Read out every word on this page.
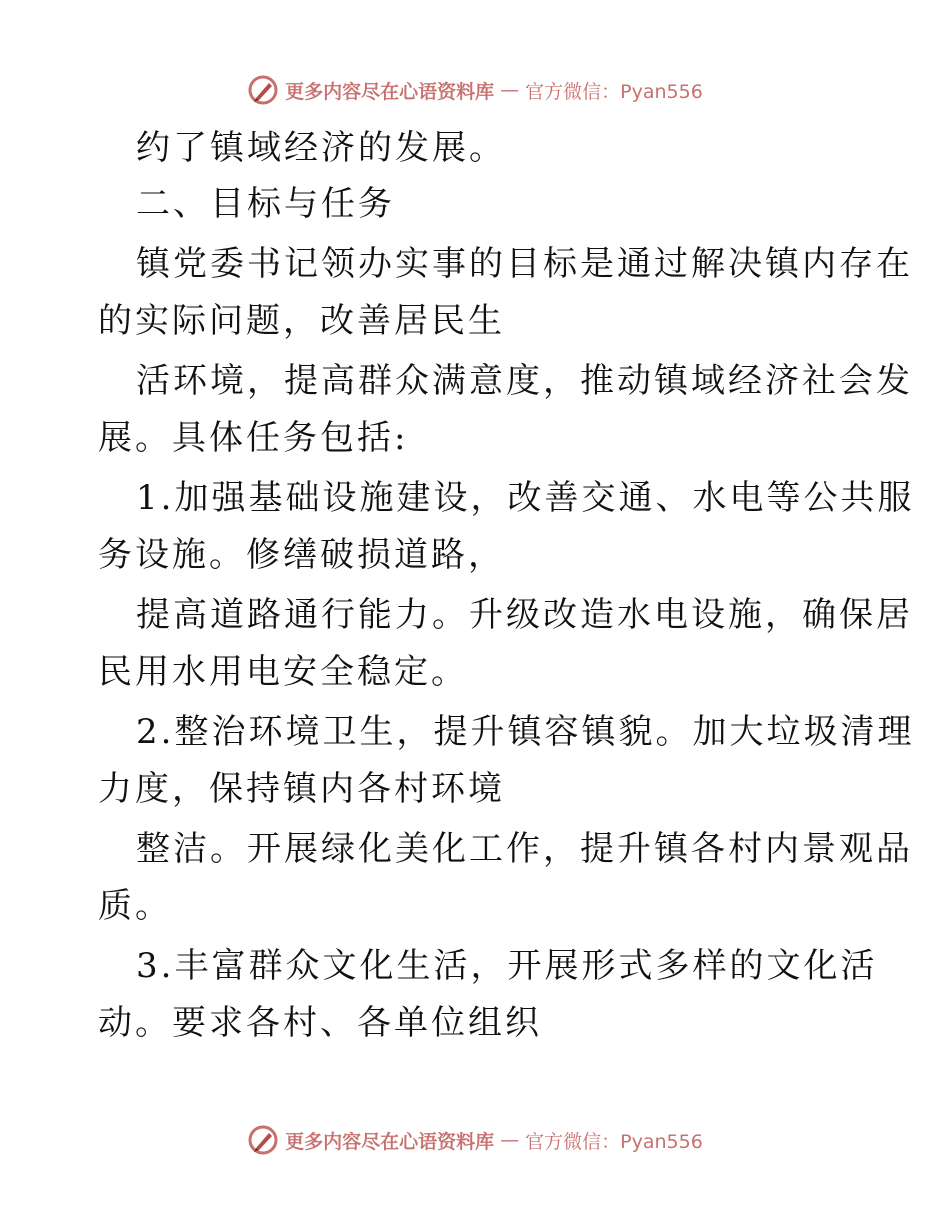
更多内容尽在心语资料库 — 官方微信：Pyan556
约了镇域经济的发展。
二、目标与任务
镇党委书记领办实事的目标是通过解决镇内存在
的实际问题，改善居民生
活环境，提高群众满意度，推动镇域经济社会发
展。具体任务包括:
1.加强基础设施建设，改善交通、水电等公共服
务设施。修缮破损道路，
提高道路通行能力。升级改造水电设施，确保居
民用水用电安全稳定。
2.整治环境卫生，提升镇容镇貌。加大垃圾清理
力度，保持镇内各村环境
整洁。开展绿化美化工作，提升镇各村内景观品
质。
3.丰富群众文化生活，开展形式多样的文化活
动。要求各村、各单位组织
更多内容尽在心语资料库 — 官方微信：Pyan556
